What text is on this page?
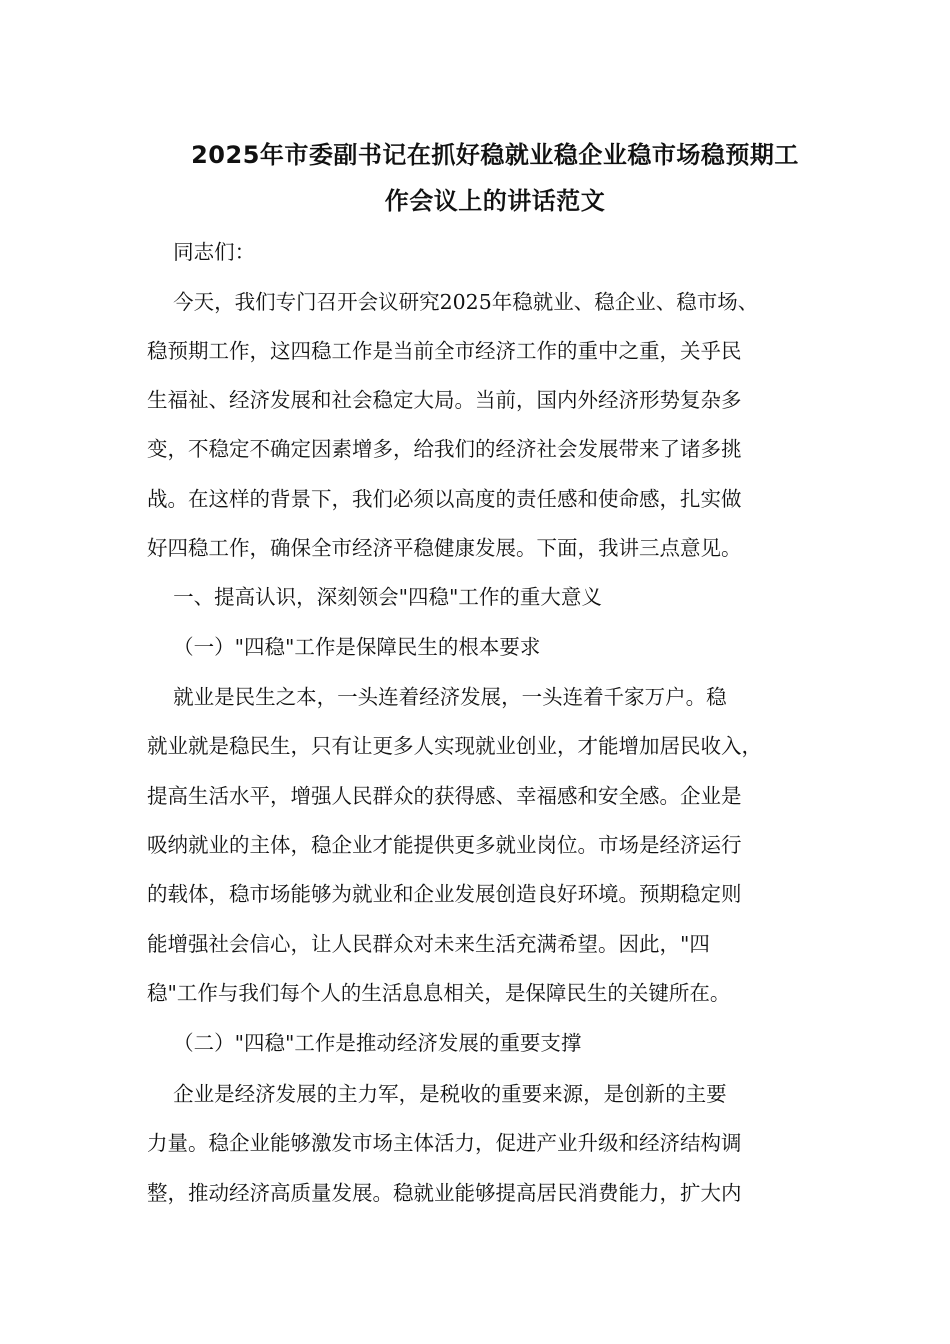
2025年市委副书记在抓好稳就业稳企业稳市场稳预期工
作会议上的讲话范文
同志们：
今天，我们专门召开会议研究2025年稳就业、稳企业、稳市场、
稳预期工作，这四稳工作是当前全市经济工作的重中之重，关乎民
生福祉、经济发展和社会稳定大局。当前，国内外经济形势复杂多
变，不稳定不确定因素增多，给我们的经济社会发展带来了诸多挑
战。在这样的背景下，我们必须以高度的责任感和使命感，扎实做
好四稳工作，确保全市经济平稳健康发展。下面，我讲三点意见。
一、提高认识，深刻领会"四稳"工作的重大意义
（一）"四稳"工作是保障民生的根本要求
就业是民生之本，一头连着经济发展，一头连着千家万户。稳
就业就是稳民生，只有让更多人实现就业创业，才能增加居民收入，
提高生活水平，增强人民群众的获得感、幸福感和安全感。企业是
吸纳就业的主体，稳企业才能提供更多就业岗位。市场是经济运行
的载体，稳市场能够为就业和企业发展创造良好环境。预期稳定则
能增强社会信心，让人民群众对未来生活充满希望。因此，"四
稳"工作与我们每个人的生活息息相关，是保障民生的关键所在。
（二）"四稳"工作是推动经济发展的重要支撑
企业是经济发展的主力军，是税收的重要来源，是创新的主要
力量。稳企业能够激发市场主体活力，促进产业升级和经济结构调
整，推动经济高质量发展。稳就业能够提高居民消费能力，扩大内
